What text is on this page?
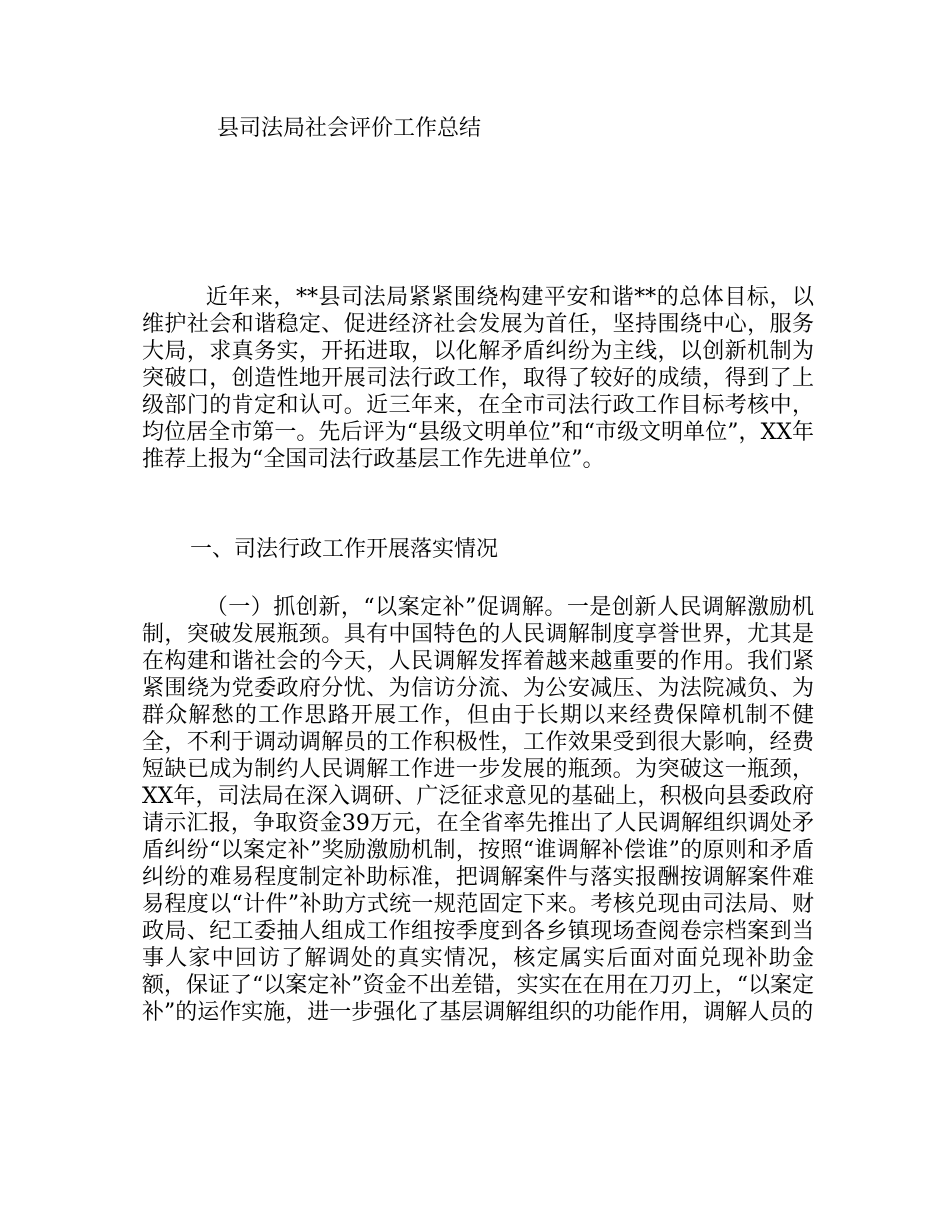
县司法局社会评价工作总结

近年来，**县司法局紧紧围绕构建平安和谐**的总体目标，以维护社会和谐稳定、促进经济社会发展为首任，坚持围绕中心，服务大局，求真务实，开拓进取，以化解矛盾纠纷为主线，以创新机制为突破口，创造性地开展司法行政工作，取得了较好的成绩，得到了上级部门的肯定和认可。近三年来，在全市司法行政工作目标考核中，均位居全市第一。先后评为“县级文明单位”和“市级文明单位”，XX年推荐上报为“全国司法行政基层工作先进单位”。

一、司法行政工作开展落实情况

（一）抓创新，“以案定补”促调解。一是创新人民调解激励机制，突破发展瓶颈。具有中国特色的人民调解制度享誉世界，尤其是在构建和谐社会的今天，人民调解发挥着越来越重要的作用。我们紧紧围绕为党委政府分忧、为信访分流、为公安减压、为法院减负、为群众解愁的工作思路开展工作，但由于长期以来经费保障机制不健全，不利于调动调解员的工作积极性，工作效果受到很大影响，经费短缺已成为制约人民调解工作进一步发展的瓶颈。为突破这一瓶颈，XX年，司法局在深入调研、广泛征求意见的基础上，积极向县委政府请示汇报，争取资金39万元，在全省率先推出了人民调解组织调处矛盾纠纷“以案定补”奖励激励机制，按照“谁调解补偿谁”的原则和矛盾纠纷的难易程度制定补助标准，把调解案件与落实报酬按调解案件难易程度以“计件”补助方式统一规范固定下来。考核兑现由司法局、财政局、纪工委抽人组成工作组按季度到各乡镇现场查阅卷宗档案到当事人家中回访了解调处的真实情况，核定属实后面对面兑现补助金额，保证了“以案定补”资金不出差错，实实在在用在刀刃上，“以案定补”的运作实施，进一步强化了基层调解组织的功能作用，调解人员的
